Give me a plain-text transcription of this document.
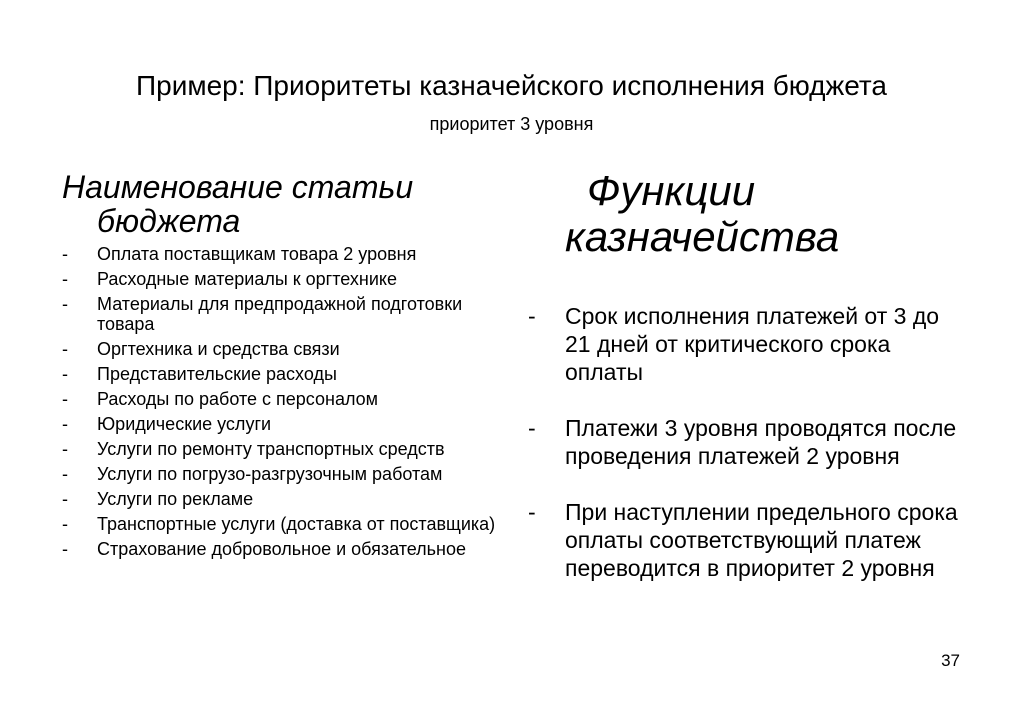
Пример: Приоритеты казначейского исполнения бюджета
приоритет 3 уровня
Наименование статьи бюджета
- Оплата поставщикам товара 2 уровня
- Расходные материалы к оргтехнике
- Материалы для предпродажной подготовки товара
- Оргтехника и средства связи
- Представительские расходы
- Расходы по работе с персоналом
- Юридические услуги
- Услуги по ремонту транспортных средств
- Услуги по погрузо-разгрузочным работам
- Услуги по рекламе
- Транспортные услуги (доставка от поставщика)
- Страхование добровольное и обязательное
Функции
казначейства
- Срок исполнения платежей от 3 до 21 дней от критического срока оплаты
- Платежи 3 уровня проводятся после проведения платежей 2 уровня
- При наступлении предельного срока оплаты соответствующий платеж переводится в приоритет 2 уровня
37
